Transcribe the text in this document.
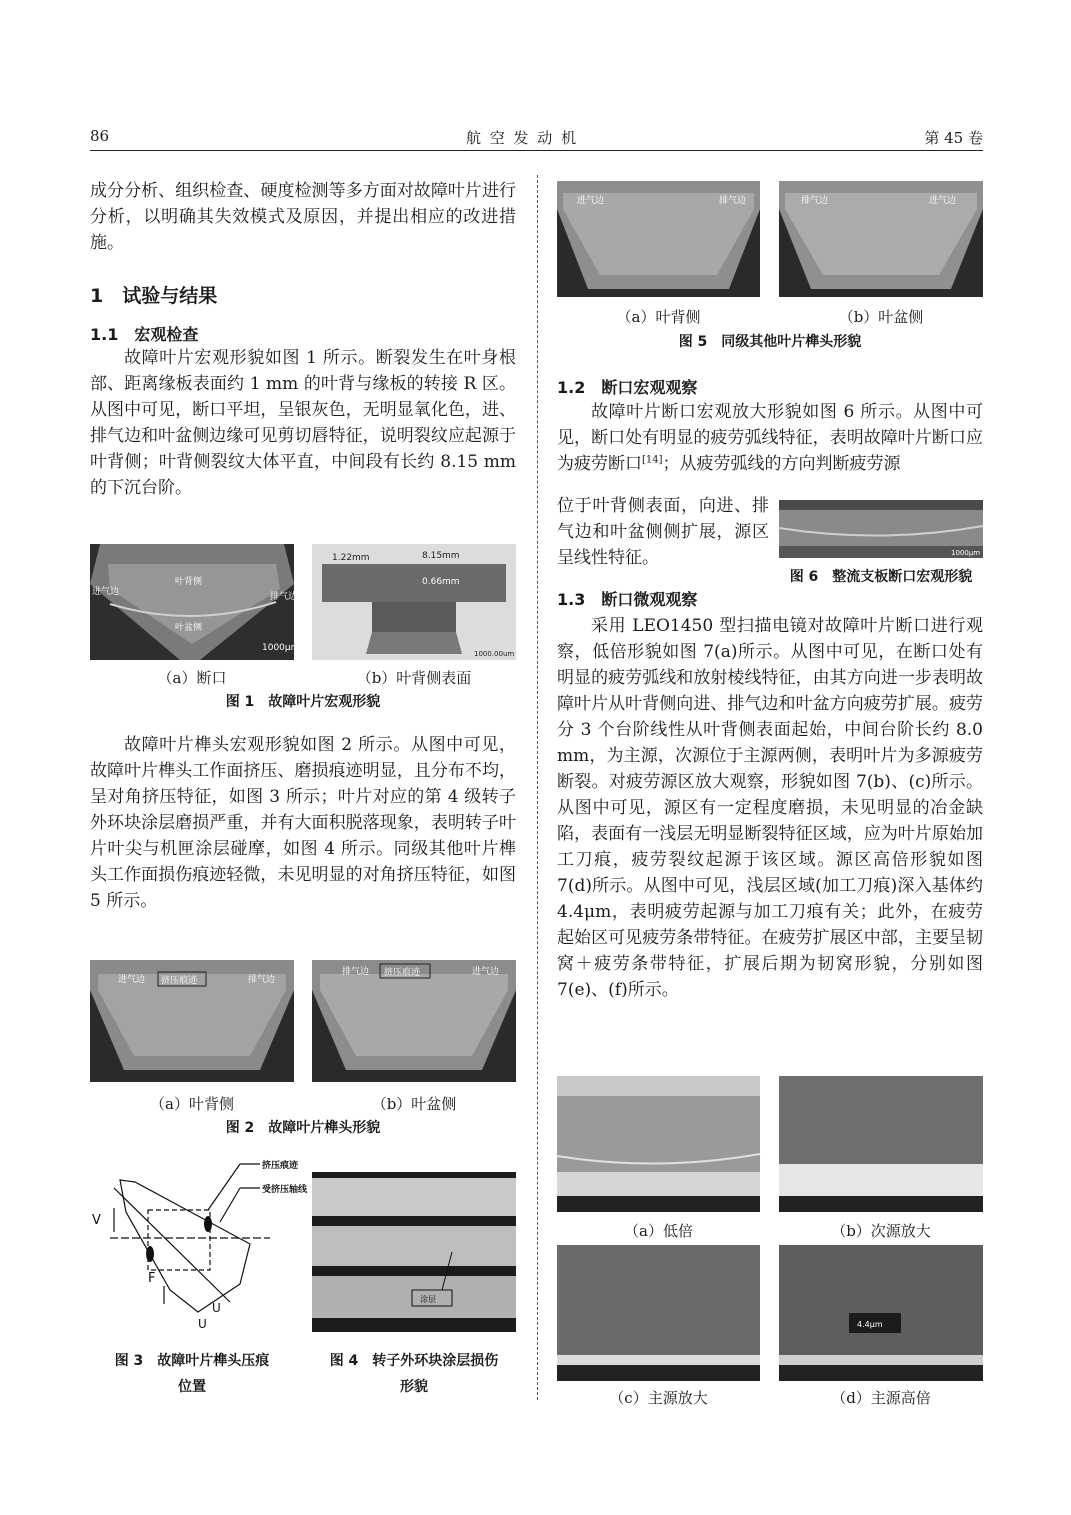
86	航 空 发 动 机	第 45 卷

成分分析、组织检查、硬度检测等多方面对故障叶片进行分析，以明确其失效模式及原因，并提出相应的改进措施。

1　试验与结果
1.1　宏观检查

故障叶片宏观形貌如图 1 所示。断裂发生在叶身根部、距离缘板表面约 1 mm 的叶背与缘板的转接 R 区。从图中可见，断口平坦，呈银灰色，无明显氧化色，进、排气边和叶盆侧边缘可见剪切唇特征，说明裂纹应起源于叶背侧；叶背侧裂纹大体平直，中间段有长约 8.15 mm 的下沉台阶。

叶背侧
叶盆侧
进气边	排气边
1000μm
8.15mm
1.22mm
0.66mm
1000.00um
（a）断口	（b）叶背侧表面
图 1　故障叶片宏观形貌

故障叶片榫头宏观形貌如图 2 所示。从图中可见，故障叶片榫头工作面挤压、磨损痕迹明显，且分布不均，呈对角挤压特征，如图 3 所示；叶片对应的第 4 级转子外环块涂层磨损严重，并有大面积脱落现象，表明转子叶片叶尖与机匣涂层碰摩，如图 4 所示。同级其他叶片榫头工作面损伤痕迹轻微，未见明显的对角挤压特征，如图 5 所示。

进气边 挤压痕迹	排气边
排气边 挤压痕迹	进气边
（a）叶背侧	（b）叶盆侧
图 2　故障叶片榫头形貌
挤压痕迹
受挤压轴线
V
F
U
U
涂层
图 3　故障叶片榫头压痕
位置
图 4　转子外环块涂层损伤
形貌
进气边	排气边	排气边	进气边
（a）叶背侧	（b）叶盆侧
图 5　同级其他叶片榫头形貌
1.2　断口宏观观察

故障叶片断口宏观放大形貌如图 6 所示。从图中可见，断口处有明显的疲劳弧线特征，表明故障叶片断口应为疲劳断口[14]；从疲劳弧线的方向判断疲劳源

位于叶背侧表面，向进、排气边和叶盆侧侧扩展，源区呈线性特征。	1000μm
图 6　整流支板断口宏观形貌
1.3　断口微观观察

采用 LEO1450 型扫描电镜对故障叶片断口进行观察，低倍形貌如图 7(a)所示。从图中可见，在断口处有明显的疲劳弧线和放射棱线特征，由其方向进一步表明故障叶片从叶背侧向进、排气边和叶盆方向疲劳扩展。疲劳分 3 个台阶线性从叶背侧表面起始，中间台阶长约 8.0 mm，为主源，次源位于主源两侧，表明叶片为多源疲劳断裂。对疲劳源区放大观察，形貌如图 7(b)、(c)所示。从图中可见，源区有一定程度磨损，未见明显的冶金缺陷，表面有一浅层无明显断裂特征区域，应为叶片原始加工刀痕，疲劳裂纹起源于该区域。源区高倍形貌如图 7(d)所示。从图中可见，浅层区域(加工刀痕)深入基体约 4.4μm，表明疲劳起源与加工刀痕有关；此外，在疲劳起始区可见疲劳条带特征。在疲劳扩展区中部，主要呈韧窝＋疲劳条带特征，扩展后期为韧窝形貌，分别如图 7(e)、(f)所示。

（a）低倍	（b）次源放大
4.4μm
（c）主源放大	（d）主源高倍
